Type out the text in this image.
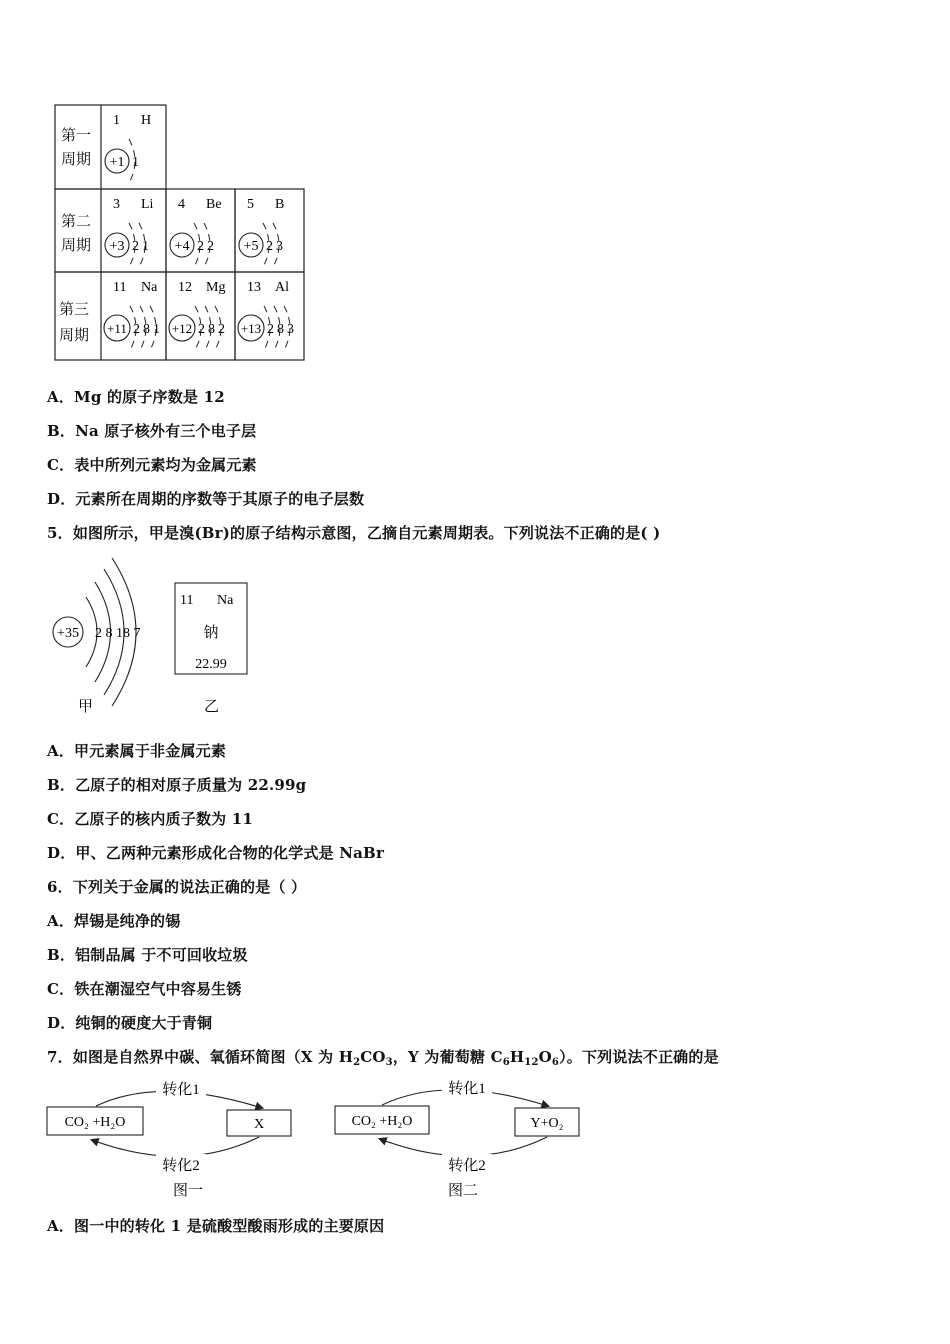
第一
周期
第二
周期
第三
周期
1 H
+1 1
3 Li
+3 2 1
4 Be
+4 2 2
5 B
+5 2 3
11 Na
+11 2 8 1
12 Mg
+12 2 8 2
13 Al
+13 2 8 3
A．Mg 的原子序数是 12
B．Na 原子核外有三个电子层
C．表中所列元素均为金属元素
D．元素所在周期的序数等于其原子的电子层数
5．如图所示，甲是溴(Br)的原子结构示意图，乙摘自元素周期表。下列说法不正确的是( )
+35 2 8 18 7
甲
11 Na
钠
22.99
乙
A．甲元素属于非金属元素
B．乙原子的相对原子质量为 22.99g
C．乙原子的核内质子数为 11
D．甲、乙两种元素形成化合物的化学式是 NaBr
6．下列关于金属的说法正确的是（ ）
A．焊锡是纯净的锡
B．铝制品属 于不可回收垃圾
C．铁在潮湿空气中容易生锈
D．纯铜的硬度大于青铜
7．如图是自然界中碳、氧循环简图（X 为 $H_2CO_3$，Y 为葡萄糖 $C_6H_{12}O_6$）。下列说法不正确的是
CO₂ +H₂O	X
转化1
转化2
图一
CO₂ +H₂O	Y+O₂
转化1
转化2
图二
A．图一中的转化 1 是硫酸型酸雨形成的主要原因
